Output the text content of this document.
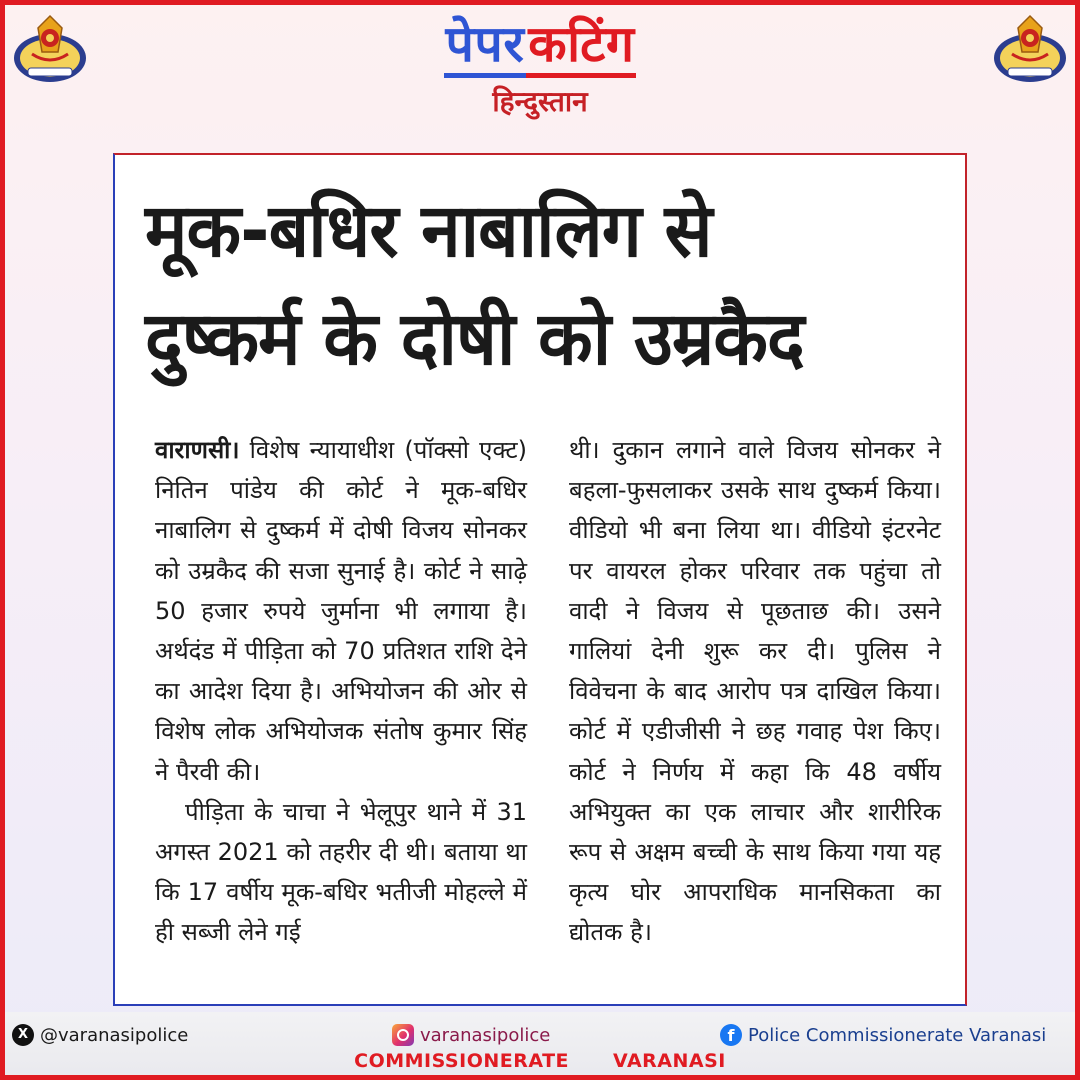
पेपरकटिंग
हिन्दुस्तान
मूक-बधिर नाबालिग से
दुष्कर्म के दोषी को उम्रकैद

वाराणसी। विशेष न्यायाधीश (पॉक्सो एक्ट) नितिन पांडेय की कोर्ट ने मूक-बधिर नाबालिग से दुष्कर्म में दोषी विजय सोनकर को उम्रकैद की सजा सुनाई है। कोर्ट ने साढ़े 50 हजार रुपये जुर्माना भी लगाया है। अर्थदंड में पीड़िता को 70 प्रतिशत राशि देने का आदेश दिया है। अभियोजन की ओर से विशेष लोक अभियोजक संतोष कुमार सिंह ने पैरवी की।

पीड़िता के चाचा ने भेलूपुर थाने में 31 अगस्त 2021 को तहरीर दी थी। बताया था कि 17 वर्षीय मूक-बधिर भतीजी मोहल्ले में ही सब्जी लेने गई

थी। दुकान लगाने वाले विजय सोनकर ने बहला-फुसलाकर उसके साथ दुष्कर्म किया। वीडियो भी बना लिया था। वीडियो इंटरनेट पर वायरल होकर परिवार तक पहुंचा तो वादी ने विजय से पूछताछ की। उसने गालियां देनी शुरू कर दी। पुलिस ने विवेचना के बाद आरोप पत्र दाखिल किया। कोर्ट में एडीजीसी ने छह गवाह पेश किए। कोर्ट ने निर्णय में कहा कि 48 वर्षीय अभियुक्त का एक लाचार और शारीरिक रूप से अक्षम बच्ची के साथ किया गया यह कृत्य घोर आपराधिक मानसिकता का द्योतक है।

X @varanasipolice	varanasipolice	f Police Commissionerate Varanasi
COMMISSIONERATE VARANASI
